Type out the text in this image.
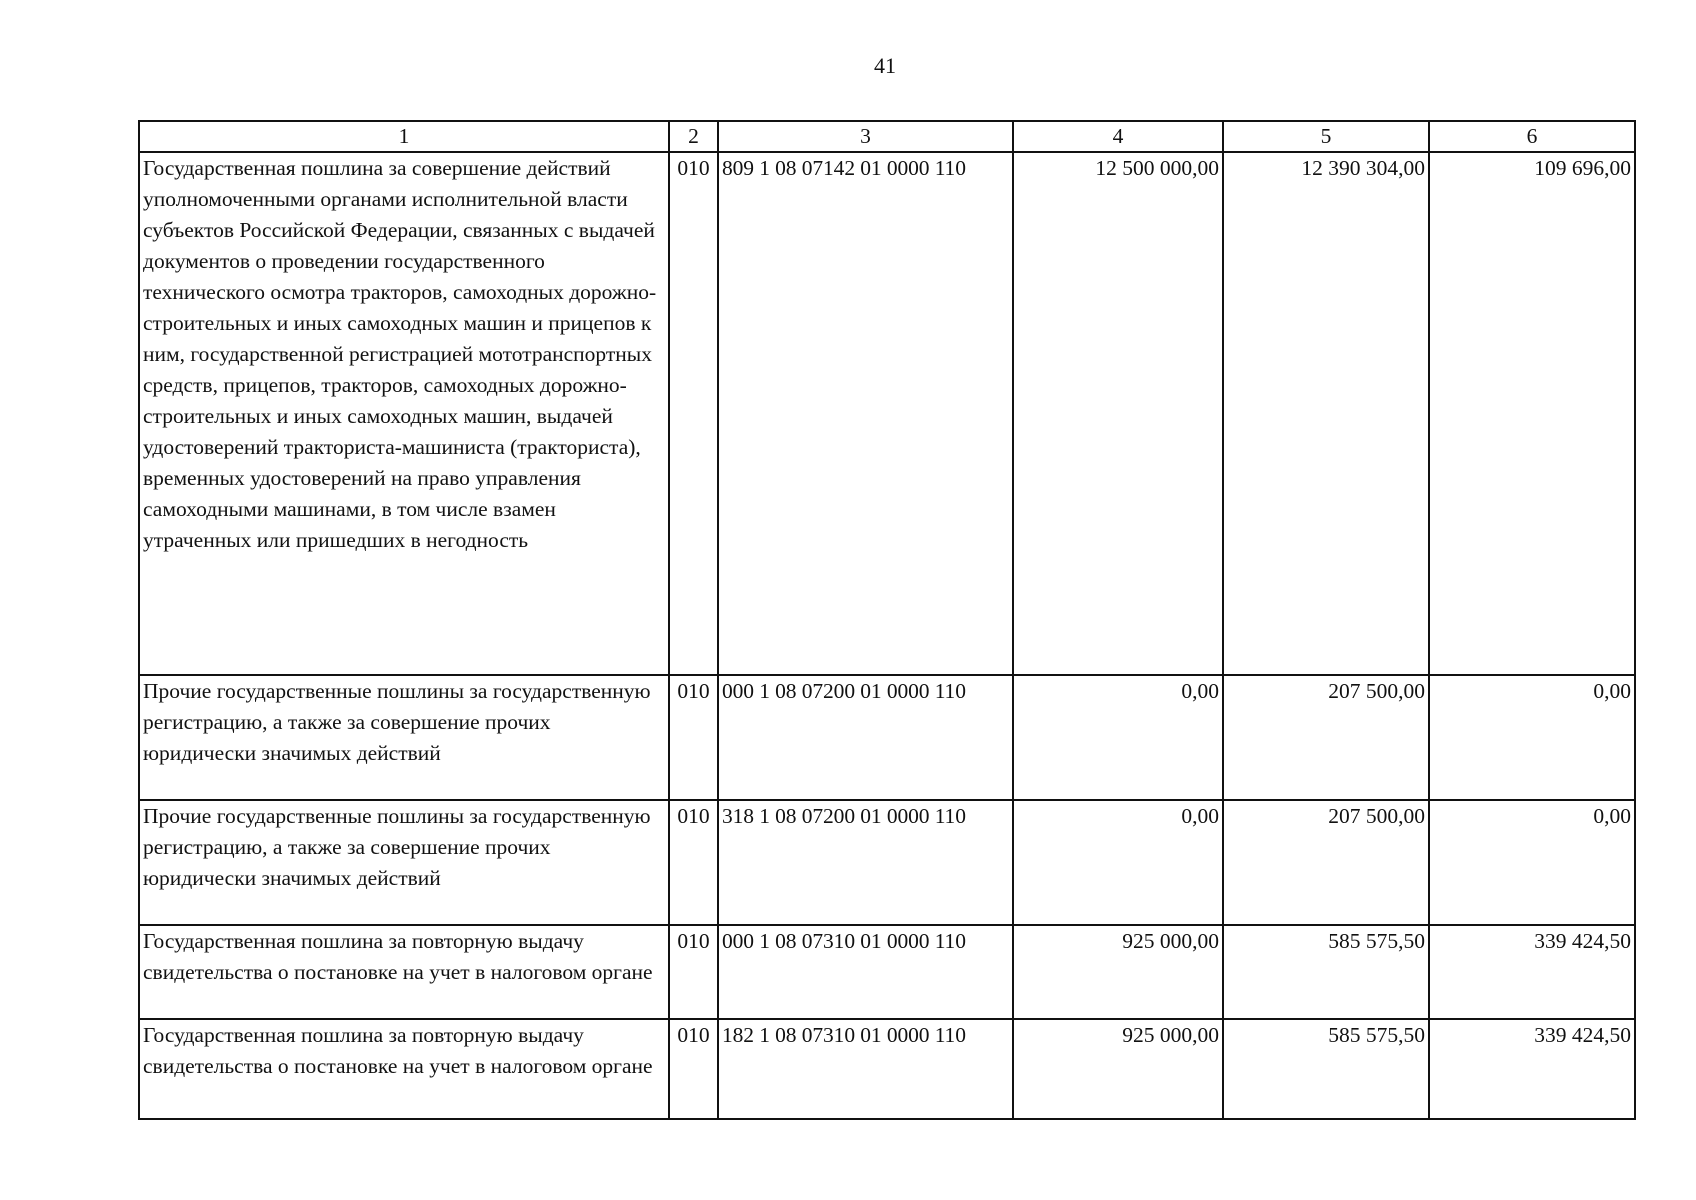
41
1	2	3	4	5	6
Государственная пошлина за совершение действий уполномоченными органами исполнительной власти субъектов Российской Федерации, связанных с выдачей документов о проведении государственного технического осмотра тракторов, самоходных дорожно-строительных и иных самоходных машин и прицепов к ним, государственной регистрацией мототранспортных средств, прицепов, тракторов, самоходных дорожно-строительных и иных самоходных машин, выдачей удостоверений тракториста-машиниста (тракториста), временных удостоверений на право управления самоходными машинами, в том числе взамен утраченных или пришедших в негодность	010	809 1 08 07142 01 0000 110	12 500 000,00	12 390 304,00	109 696,00
Прочие государственные пошлины за государственную регистрацию, а также за совершение прочих юридически значимых действий	010	000 1 08 07200 01 0000 110	0,00	207 500,00	0,00
Прочие государственные пошлины за государственную регистрацию, а также за совершение прочих юридически значимых действий	010	318 1 08 07200 01 0000 110	0,00	207 500,00	0,00
Государственная пошлина за повторную выдачу свидетельства о постановке на учет в налоговом органе	010	000 1 08 07310 01 0000 110	925 000,00	585 575,50	339 424,50
Государственная пошлина за повторную выдачу свидетельства о постановке на учет в налоговом органе	010	182 1 08 07310 01 0000 110	925 000,00	585 575,50	339 424,50
